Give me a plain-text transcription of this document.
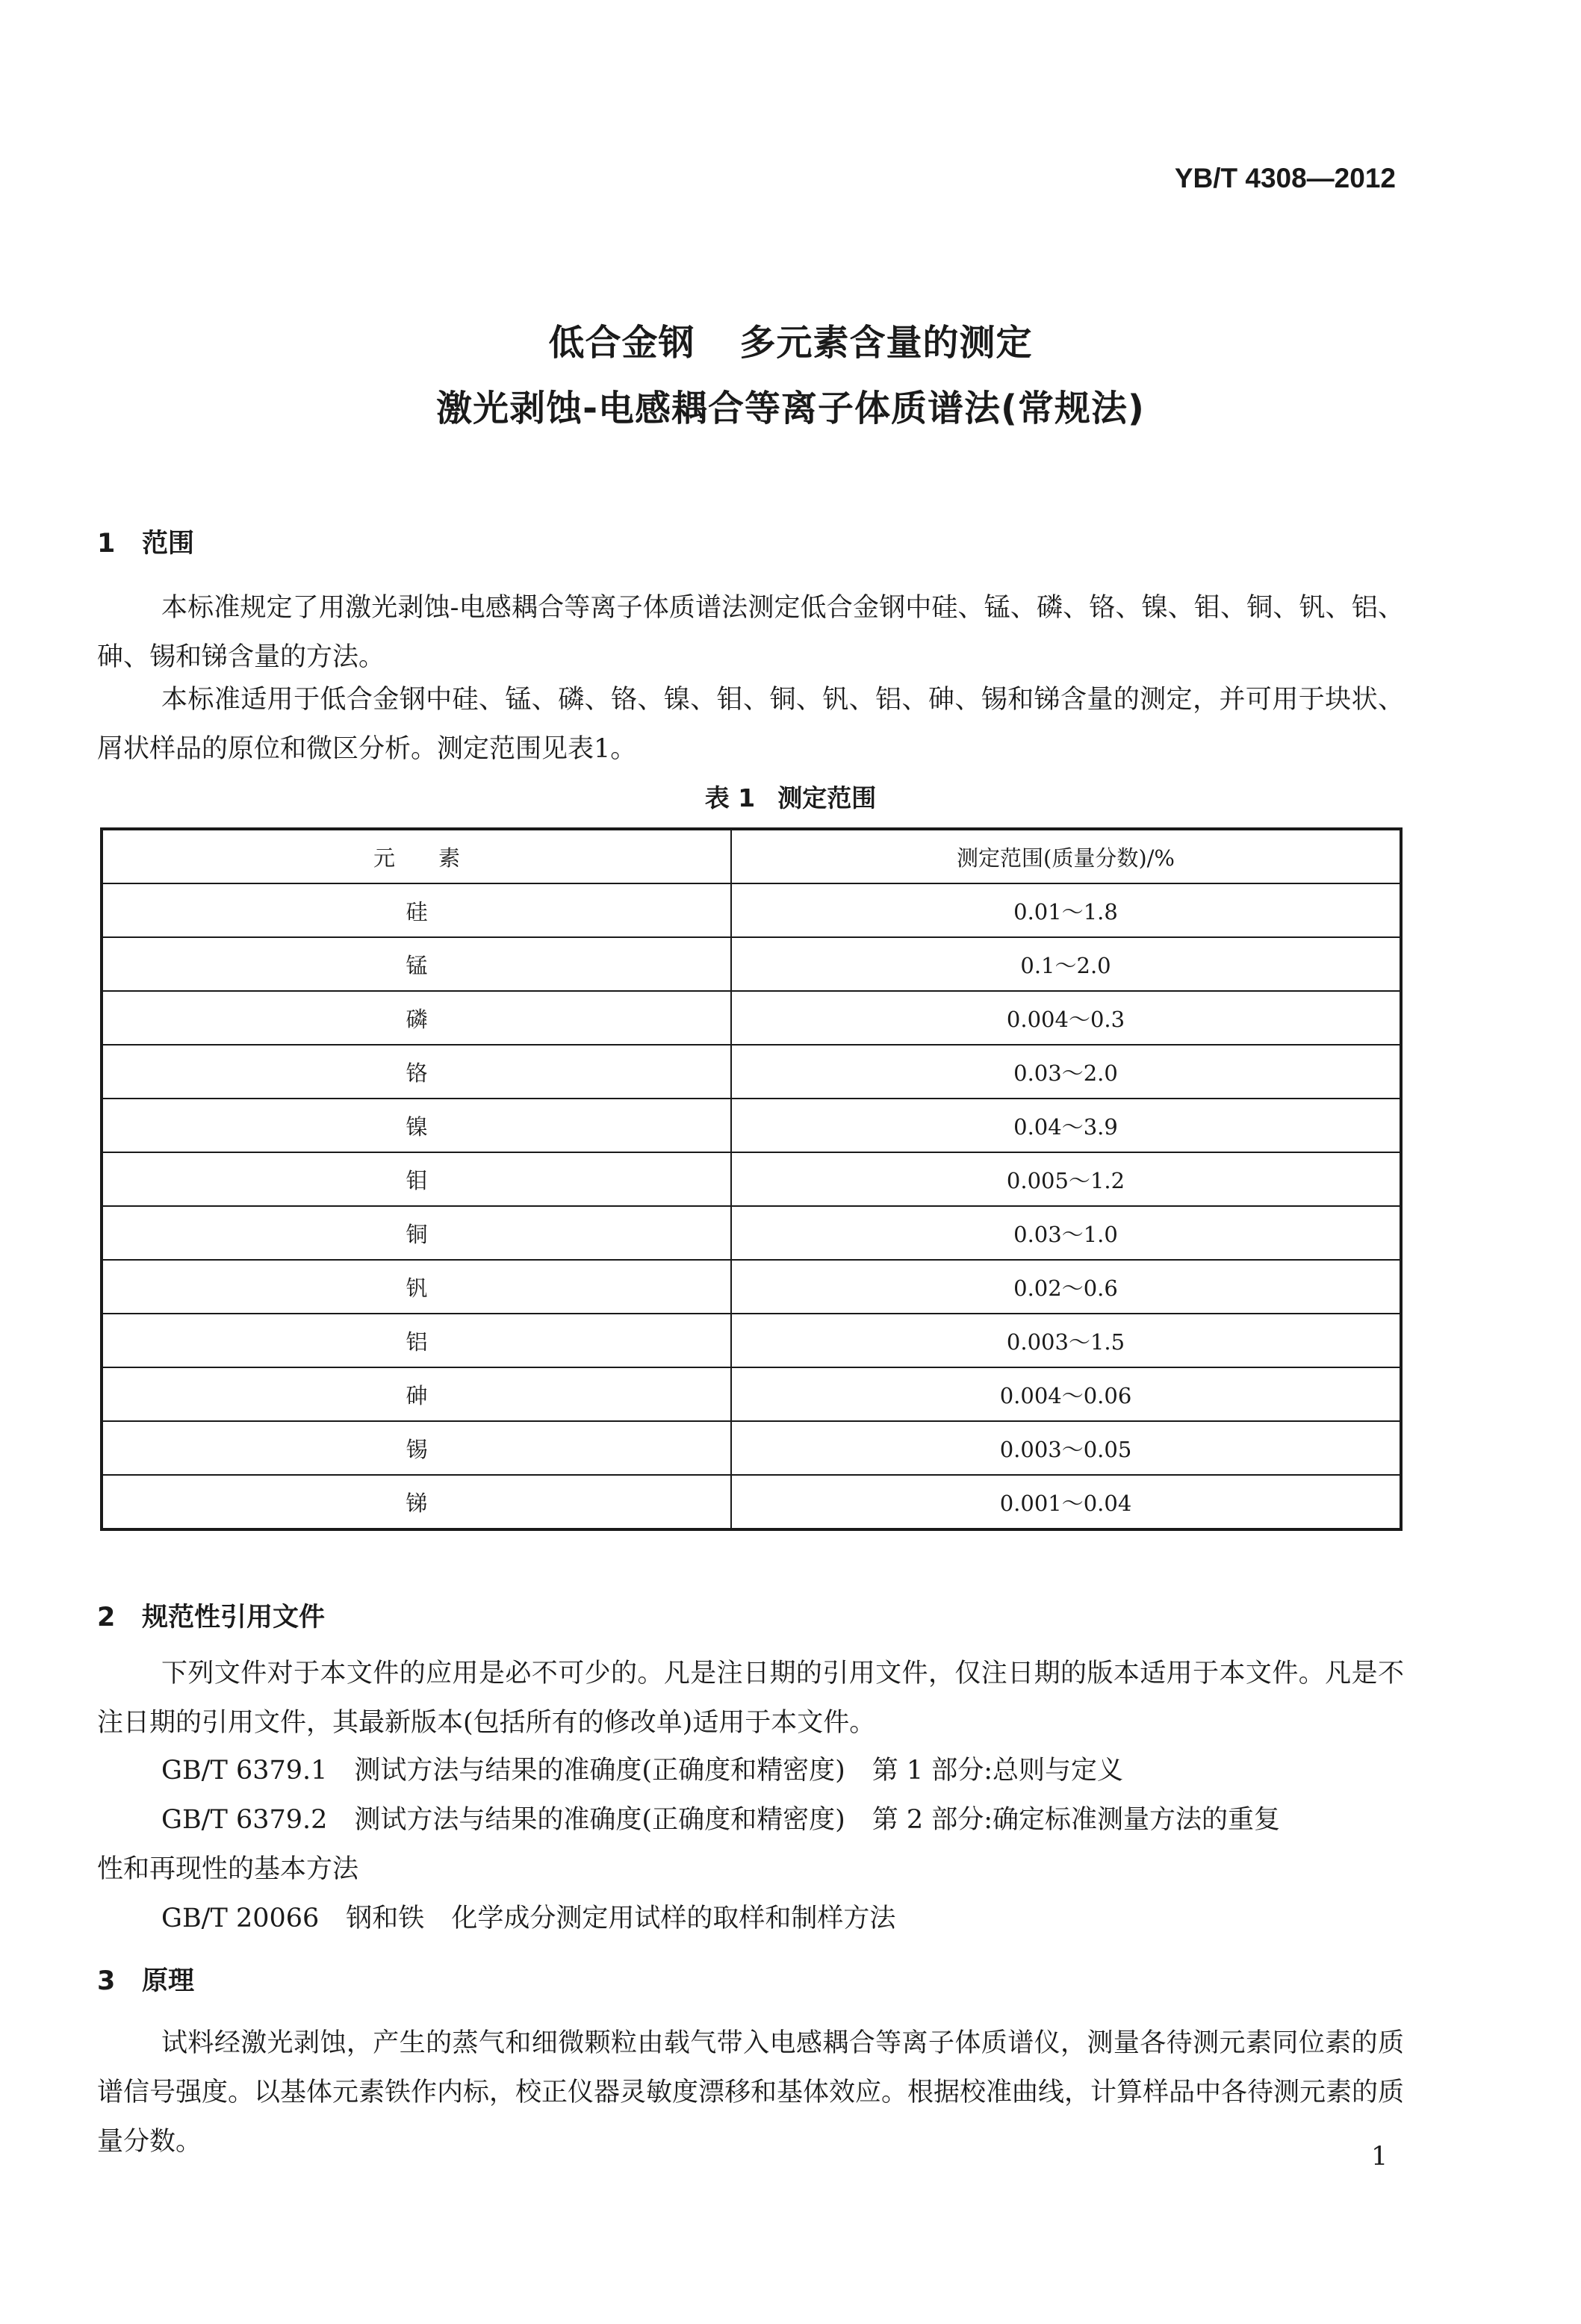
YB/T 4308—2012
低合金钢 多元素含量的测定
激光剥蚀-电感耦合等离子体质谱法(常规法)
1 范围
本标准规定了用激光剥蚀-电感耦合等离子体质谱法测定低合金钢中硅、锰、磷、铬、镍、钼、铜、钒、铝、砷、锡和锑含量的方法。
本标准适用于低合金钢中硅、锰、磷、铬、镍、钼、铜、钒、铝、砷、锡和锑含量的测定，并可用于块状、屑状样品的原位和微区分析。测定范围见表1。
表 1 测定范围
元　　素	测定范围(质量分数)/%
硅	0.01～1.8
锰	0.1～2.0
磷	0.004～0.3
铬	0.03～2.0
镍	0.04～3.9
钼	0.005～1.2
铜	0.03～1.0
钒	0.02～0.6
铝	0.003～1.5
砷	0.004～0.06
锡	0.003～0.05
锑	0.001～0.04
2 规范性引用文件
下列文件对于本文件的应用是必不可少的。凡是注日期的引用文件，仅注日期的版本适用于本文件。凡是不注日期的引用文件，其最新版本(包括所有的修改单)适用于本文件。
GB/T 6379.1 测试方法与结果的准确度(正确度和精密度) 第 1 部分:总则与定义
GB/T 6379.2 测试方法与结果的准确度(正确度和精密度) 第 2 部分:确定标准测量方法的重复
性和再现性的基本方法
GB/T 20066 钢和铁 化学成分测定用试样的取样和制样方法
3 原理
试料经激光剥蚀，产生的蒸气和细微颗粒由载气带入电感耦合等离子体质谱仪，测量各待测元素同位素的质谱信号强度。以基体元素铁作内标，校正仪器灵敏度漂移和基体效应。根据校准曲线，计算样品中各待测元素的质量分数。	1
